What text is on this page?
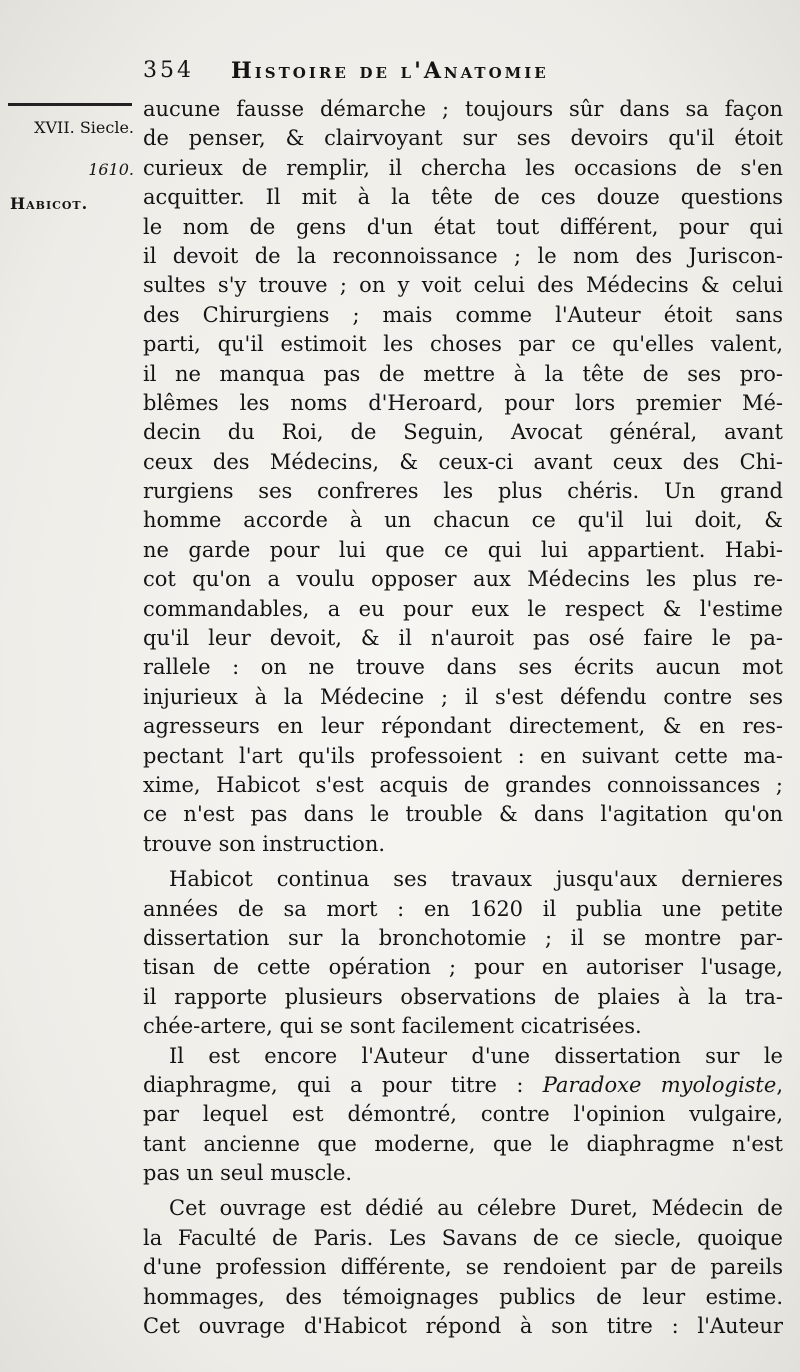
354 Histoire de l'Anatomie
XVII. Siecle.
1610.
Habicot.
aucune fausse démarche ; toujours sûr dans sa façon
de penser, & clairvoyant sur ses devoirs qu'il étoit
curieux de remplir, il chercha les occasions de s'en
acquitter. Il mit à la tête de ces douze questions
le nom de gens d'un état tout différent, pour qui
il devoit de la reconnoissance ; le nom des Juriscon-
sultes s'y trouve ; on y voit celui des Médecins & celui
des Chirurgiens ; mais comme l'Auteur étoit sans
parti, qu'il estimoit les choses par ce qu'elles valent,
il ne manqua pas de mettre à la tête de ses pro-
blêmes les noms d'Heroard, pour lors premier Mé-
decin du Roi, de Seguin, Avocat général, avant
ceux des Médecins, & ceux-ci avant ceux des Chi-
rurgiens ses confreres les plus chéris. Un grand
homme accorde à un chacun ce qu'il lui doit, &
ne garde pour lui que ce qui lui appartient. Habi-
cot qu'on a voulu opposer aux Médecins les plus re-
commandables, a eu pour eux le respect & l'estime
qu'il leur devoit, & il n'auroit pas osé faire le pa-
rallele : on ne trouve dans ses écrits aucun mot
injurieux à la Médecine ; il s'est défendu contre ses
agresseurs en leur répondant directement, & en res-
pectant l'art qu'ils professoient : en suivant cette ma-
xime, Habicot s'est acquis de grandes connoissances ;
ce n'est pas dans le trouble & dans l'agitation qu'on
trouve son instruction.
Habicot continua ses travaux jusqu'aux dernieres
années de sa mort : en 1620 il publia une petite
dissertation sur la bronchotomie ; il se montre par-
tisan de cette opération ; pour en autoriser l'usage,
il rapporte plusieurs observations de plaies à la tra-
chée-artere, qui se sont facilement cicatrisées.
Il est encore l'Auteur d'une dissertation sur le
diaphragme, qui a pour titre : Paradoxe myologiste,
par lequel est démontré, contre l'opinion vulgaire,
tant ancienne que moderne, que le diaphragme n'est
pas un seul muscle.
Cet ouvrage est dédié au célebre Duret, Médecin de
la Faculté de Paris. Les Savans de ce siecle, quoique
d'une profession différente, se rendoient par de pareils
hommages, des témoignages publics de leur estime.
Cet ouvrage d'Habicot répond à son titre : l'Auteur
